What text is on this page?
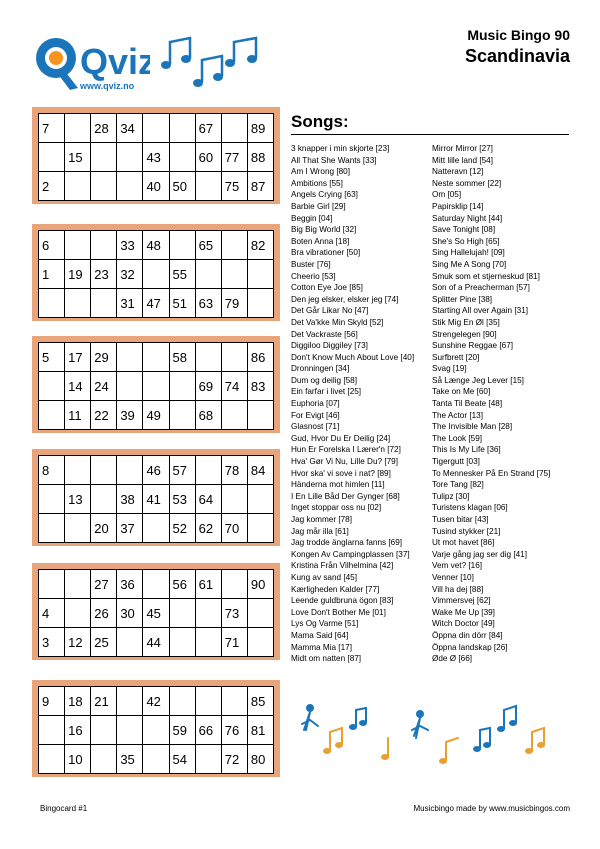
Qviz
www.qviz.no
Music Bingo 90
Scandinavia
7		28	34			67		89
	15			43		60	77	88
2				40	50		75	87
6			33	48		65		82
1	19	23	32		55			
			31	47	51	63	79	
5	17	29			58			86
	14	24				69	74	83
	11	22	39	49		68		
8				46	57		78	84
	13		38	41	53	64		
		20	37		52	62	70	
		27	36		56	61		90
4		26	30	45			73	
3	12	25		44			71	
9	18	21		42				85
	16				59	66	76	81
	10		35		54		72	80
Songs:
3 knapper i min skjorte [23]
All That She Wants [33]
Am I Wrong [80]
Ambitions [55]
Angels Crying [63]
Barbie Girl [29]
Beggin [04]
Big Big World [32]
Boten Anna [18]
Bra vibrationer [50]
Buster [76]
Cheerio [53]
Cotton Eye Joe [85]
Den jeg elsker, elsker jeg [74]
Det Går Likar No [47]
Det Va'kke Min Skyld [52]
Det Vackraste [56]
Diggiloo Diggiley [73]
Don't Know Much About Love [40]
Dronningen [34]
Dum og deilig [58]
Ein farfar i livet [25]
Euphoria [07]
For Evigt [46]
Glasnost [71]
Gud, Hvor Du Er Deilig [24]
Hun Er Forelska I Lærer'n [72]
Hva' Gør Vi Nu, Lille Du? [79]
Hvor ska' vi sove i nat? [89]
Händerna mot himlen [11]
I En Lille Båd Der Gynger [68]
Inget stoppar oss nu [02]
Jag kommer [78]
Jag mår illa [61]
Jag trodde änglarna fanns [69]
Kongen Av Campingplassen [37]
Kristina Från Vilhelmina [42]
Kung av sand [45]
Kærligheden Kalder [77]
Leende guldbruna ögon [83]
Love Don't Bother Me [01]
Lys Og Varme [51]
Mama Said [64]
Mamma Mia [17]
Midt om natten [87]
Mirror Mirror [27]
Mitt lille land [54]
Natteravn [12]
Neste sommer [22]
Om [05]
Papirsklip [14]
Saturday Night [44]
Save Tonight [08]
She's So High [65]
Sing Hallelujah! [09]
Sing Me A Song [70]
Smuk som et stjerneskud [81]
Son of a Preacherman [57]
Splitter Pine [38]
Starting All over Again [31]
Stik Mig En Øl [35]
Strengelegen [90]
Sunshine Reggae [67]
Surfbrett [20]
Svag [19]
Så Længe Jeg Lever [15]
Take on Me [60]
Tanta Til Beate [48]
The Actor [13]
The Invisible Man [28]
The Look [59]
This Is My Life [36]
Tigergutt [03]
To Mennesker På En Strand [75]
Tore Tang [82]
Tulipz [30]
Turistens klagan [06]
Tusen bitar [43]
Tusind stykker [21]
Ut mot havet [86]
Varje gång jag ser dig [41]
Vem vet? [16]
Venner [10]
Vill ha dej [88]
Vimmersvej [62]
Wake Me Up [39]
Witch Doctor [49]
Öppna din dörr [84]
Öppna landskap [26]
Øde Ø [66]
Bingocard #1	Musicbingo made by www.musicbingos.com
